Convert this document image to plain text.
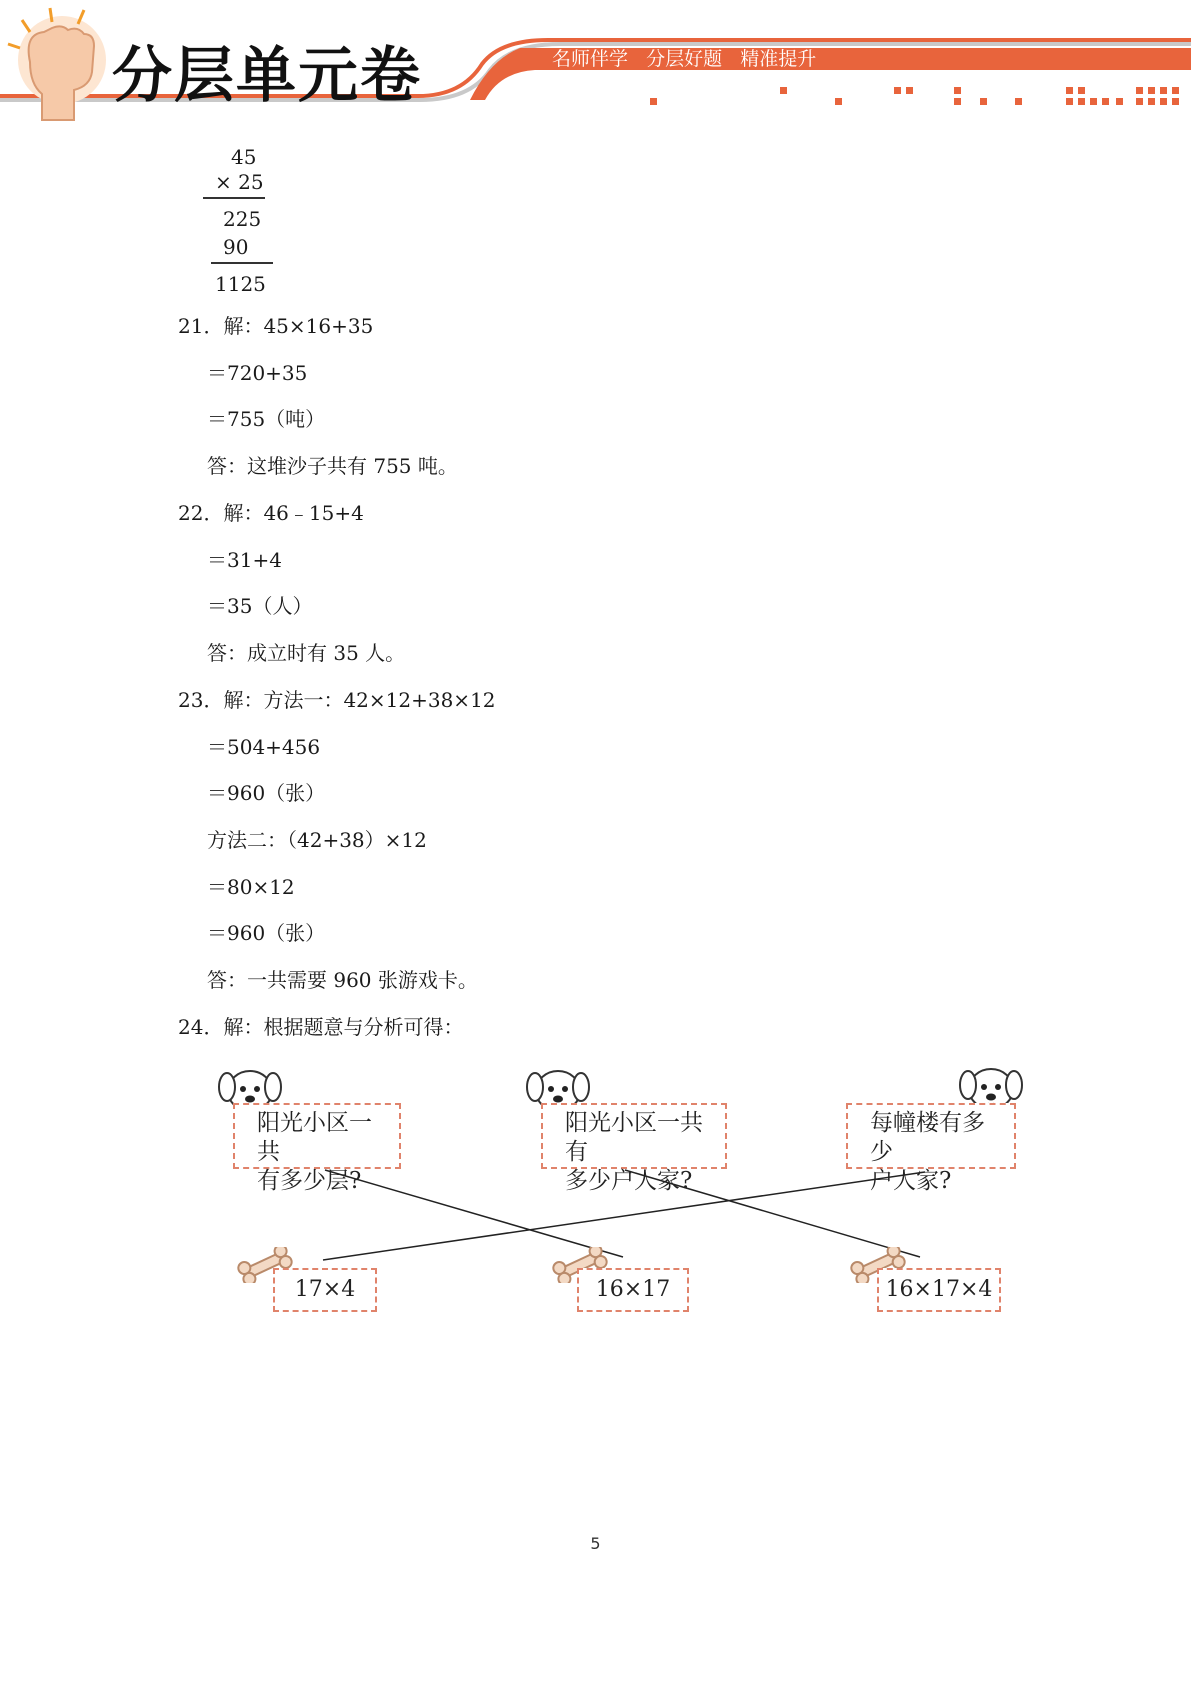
分层单元卷	名师伴学   分层好题   精准提升
45
× 25
225
90
1125
21．解：45×16+35
＝720+35
＝755（吨）
答：这堆沙子共有 755 吨。
22．解：46﹣15+4
＝31+4
＝35（人）
答：成立时有 35 人。
23．解：方法一：42×12+38×12
＝504+456
＝960（张）
方法二：（42+38）×12
＝80×12
＝960（张）
答：一共需要 960 张游戏卡。
24．解：根据题意与分析可得：
阳光小区一共
有多少层?
阳光小区一共有
多少户人家?
每幢楼有多少
户人家?
17×4	16×17	16×17×4
5
